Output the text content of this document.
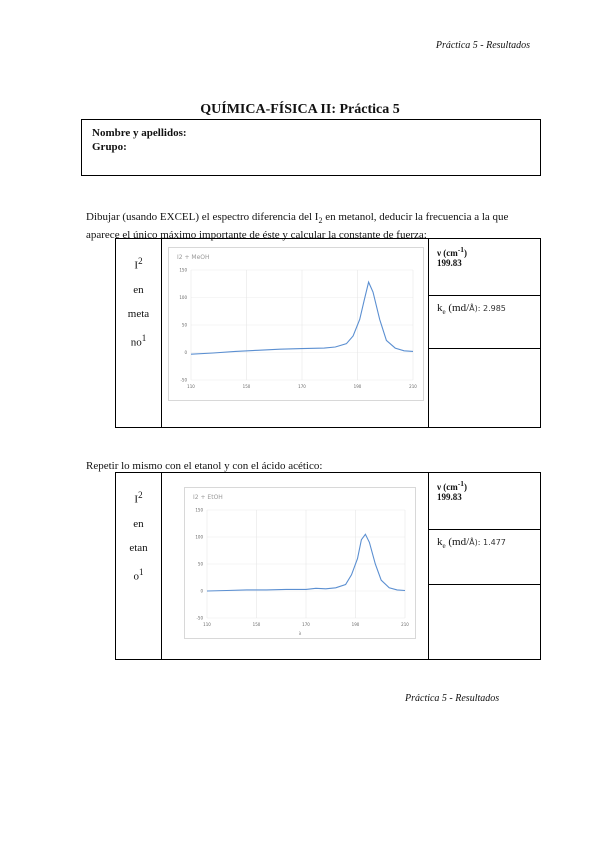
Práctica 5 - Resultados
QUÍMICA-FÍSICA II: Práctica 5
Nombre y apellidos:
Grupo:
Dibujar (usando EXCEL) el espectro diferencia del $I_2$ en metanol, deducir la frecuencia a la que aparece el único máximo importante de éste y calcular la constante de fuerza:
$I^2$
en
meta
$no^1$

I2 + MeOH
150
100
50
0
-50
110	150	170	190	210

ν $(cm^{-1})$
199.83

$k_e$ (md/Å): 2.985

Repetir lo mismo con el etanol y con el ácido acético:
$I^2$
en
etan
$o^1$

I2 + EtOH
150
100
50
0
-50
110	150	170	190	210
λ

ν $(cm^{-1})$
199.83

$k_e$ (md/Å): 1.477

Práctica 5 - Resultados
